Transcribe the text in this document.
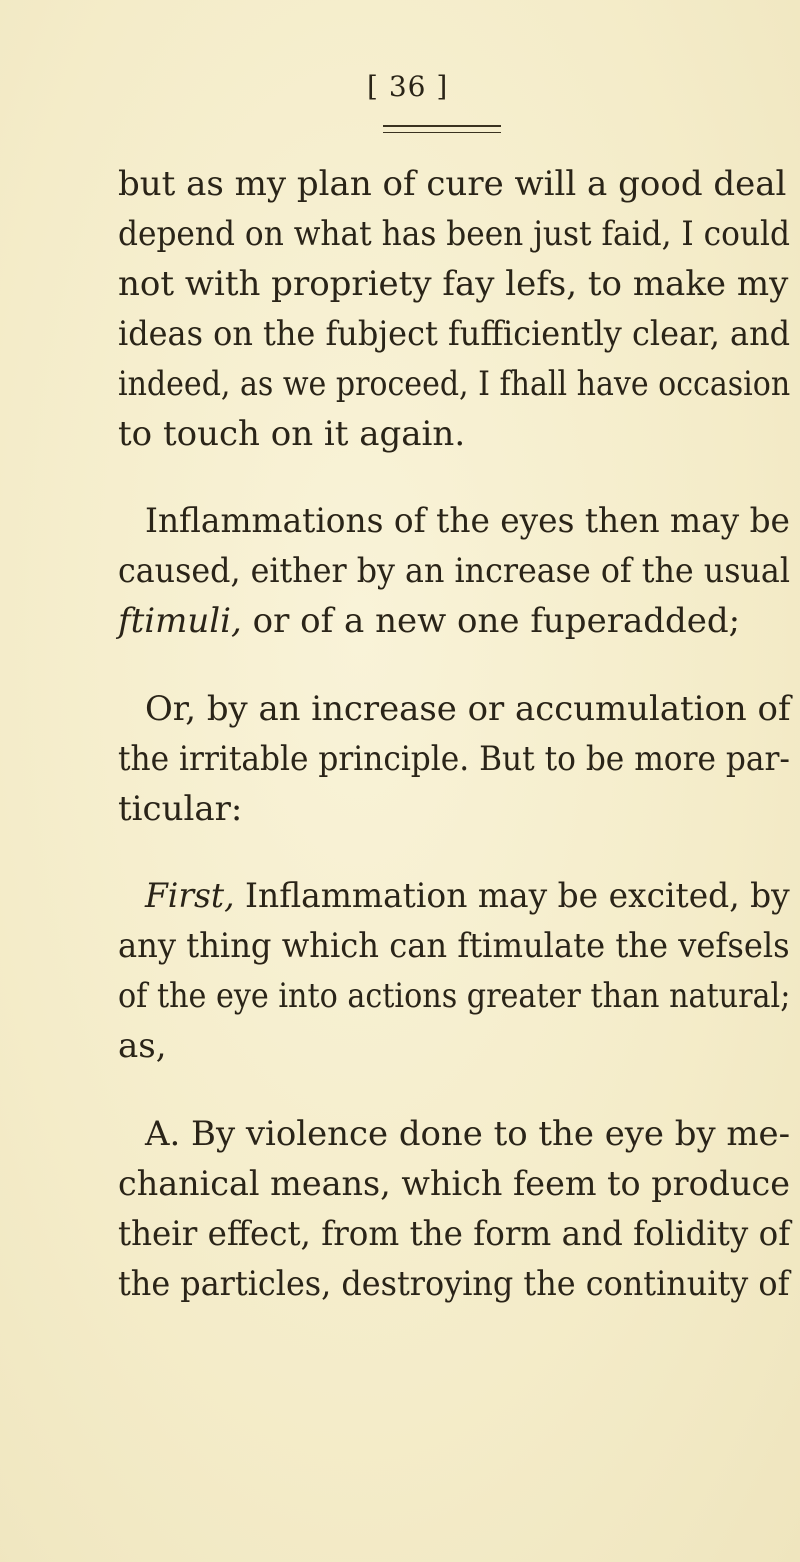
[ 36 ]
but as my plan of cure will a good deal
depend on what has been just faid, I could
not with propriety fay lefs, to make my
ideas on the fubject fufficiently clear, and
indeed, as we proceed, I fhall have occasion
to touch on it again.
Inflammations of the eyes then may be
caused, either by an increase of the usual
ftimuli, or of a new one fuperadded;
Or, by an increase or accumulation of
the irritable principle. But to be more par-
ticular:
First, Inflammation may be excited, by
any thing which can ftimulate the vefsels
of the eye into actions greater than natural;
as,
A. By violence done to the eye by me-
chanical means, which feem to produce
their effect, from the form and folidity of
the particles, destroying the continuity of
